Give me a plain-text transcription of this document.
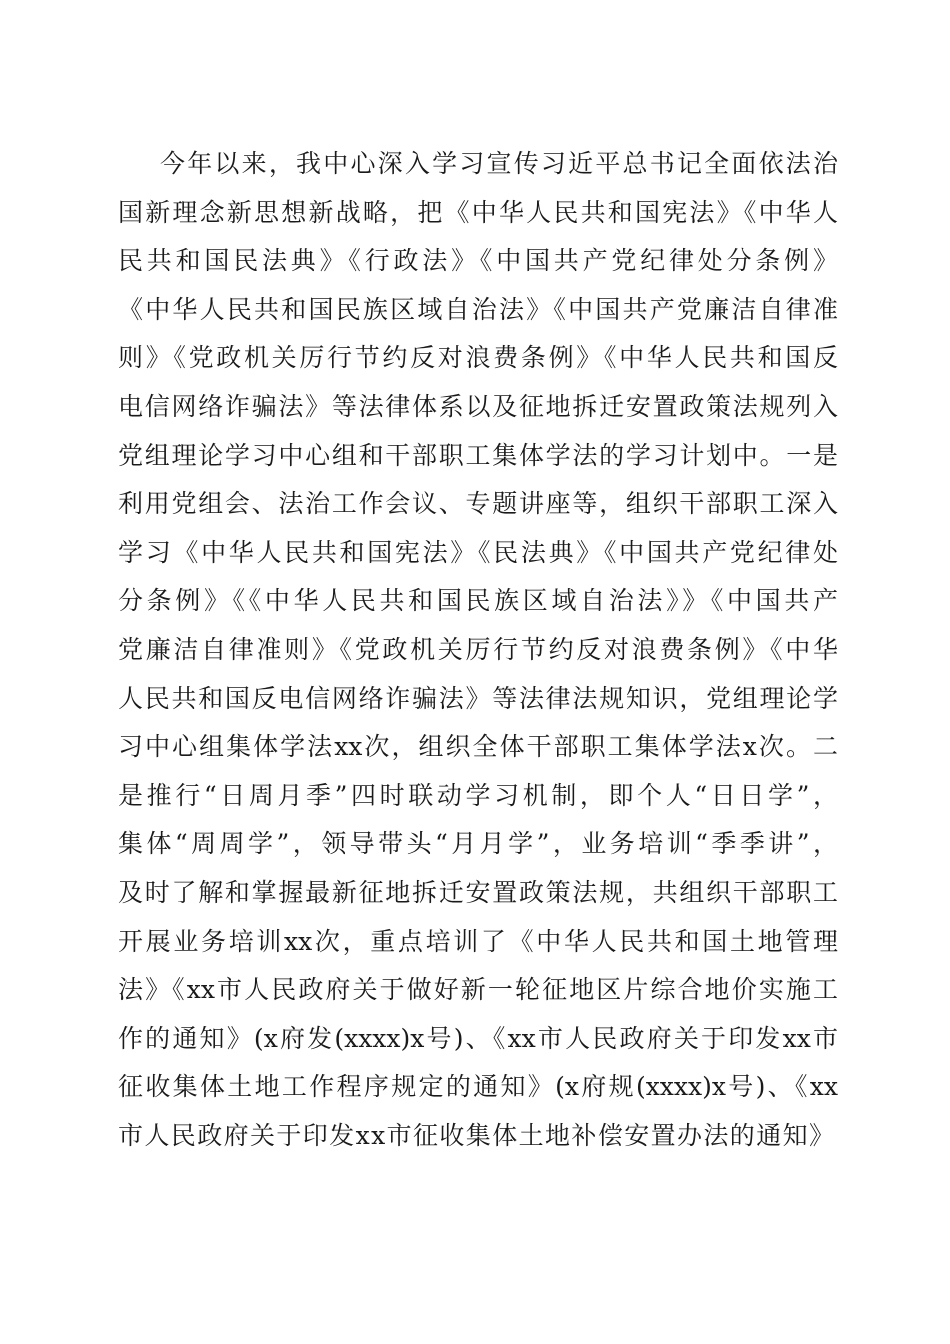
今年以来，我中心深入学习宣传习近平总书记全面依法治
国新理念新思想新战略，把《中华人民共和国宪法》《中华人
民共和国民法典》《行政法》《中国共产党纪律处分条例》
《中华人民共和国民族区域自治法》《中国共产党廉洁自律准
则》《党政机关厉行节约反对浪费条例》《中华人民共和国反
电信网络诈骗法》等法律体系以及征地拆迁安置政策法规列入
党组理论学习中心组和干部职工集体学法的学习计划中。一是
利用党组会、法治工作会议、专题讲座等，组织干部职工深入
学习《中华人民共和国宪法》《民法典》《中国共产党纪律处
分条例》《《中华人民共和国民族区域自治法》》《中国共产
党廉洁自律准则》《党政机关厉行节约反对浪费条例》《中华
人民共和国反电信网络诈骗法》等法律法规知识，党组理论学
习中心组集体学法xx次，组织全体干部职工集体学法x次。二
是推行“日周月季”四时联动学习机制，即个人“日日学”，
集体“周周学”，领导带头“月月学”，业务培训“季季讲”，
及时了解和掌握最新征地拆迁安置政策法规，共组织干部职工
开展业务培训xx次，重点培训了《中华人民共和国土地管理
法》《xx市人民政府关于做好新一轮征地区片综合地价实施工
作的通知》(x府发(xxxx)x号)、《xx市人民政府关于印发xx市
征收集体土地工作程序规定的通知》(x府规(xxxx)x号)、《xx
市人民政府关于印发xx市征收集体土地补偿安置办法的通知》
